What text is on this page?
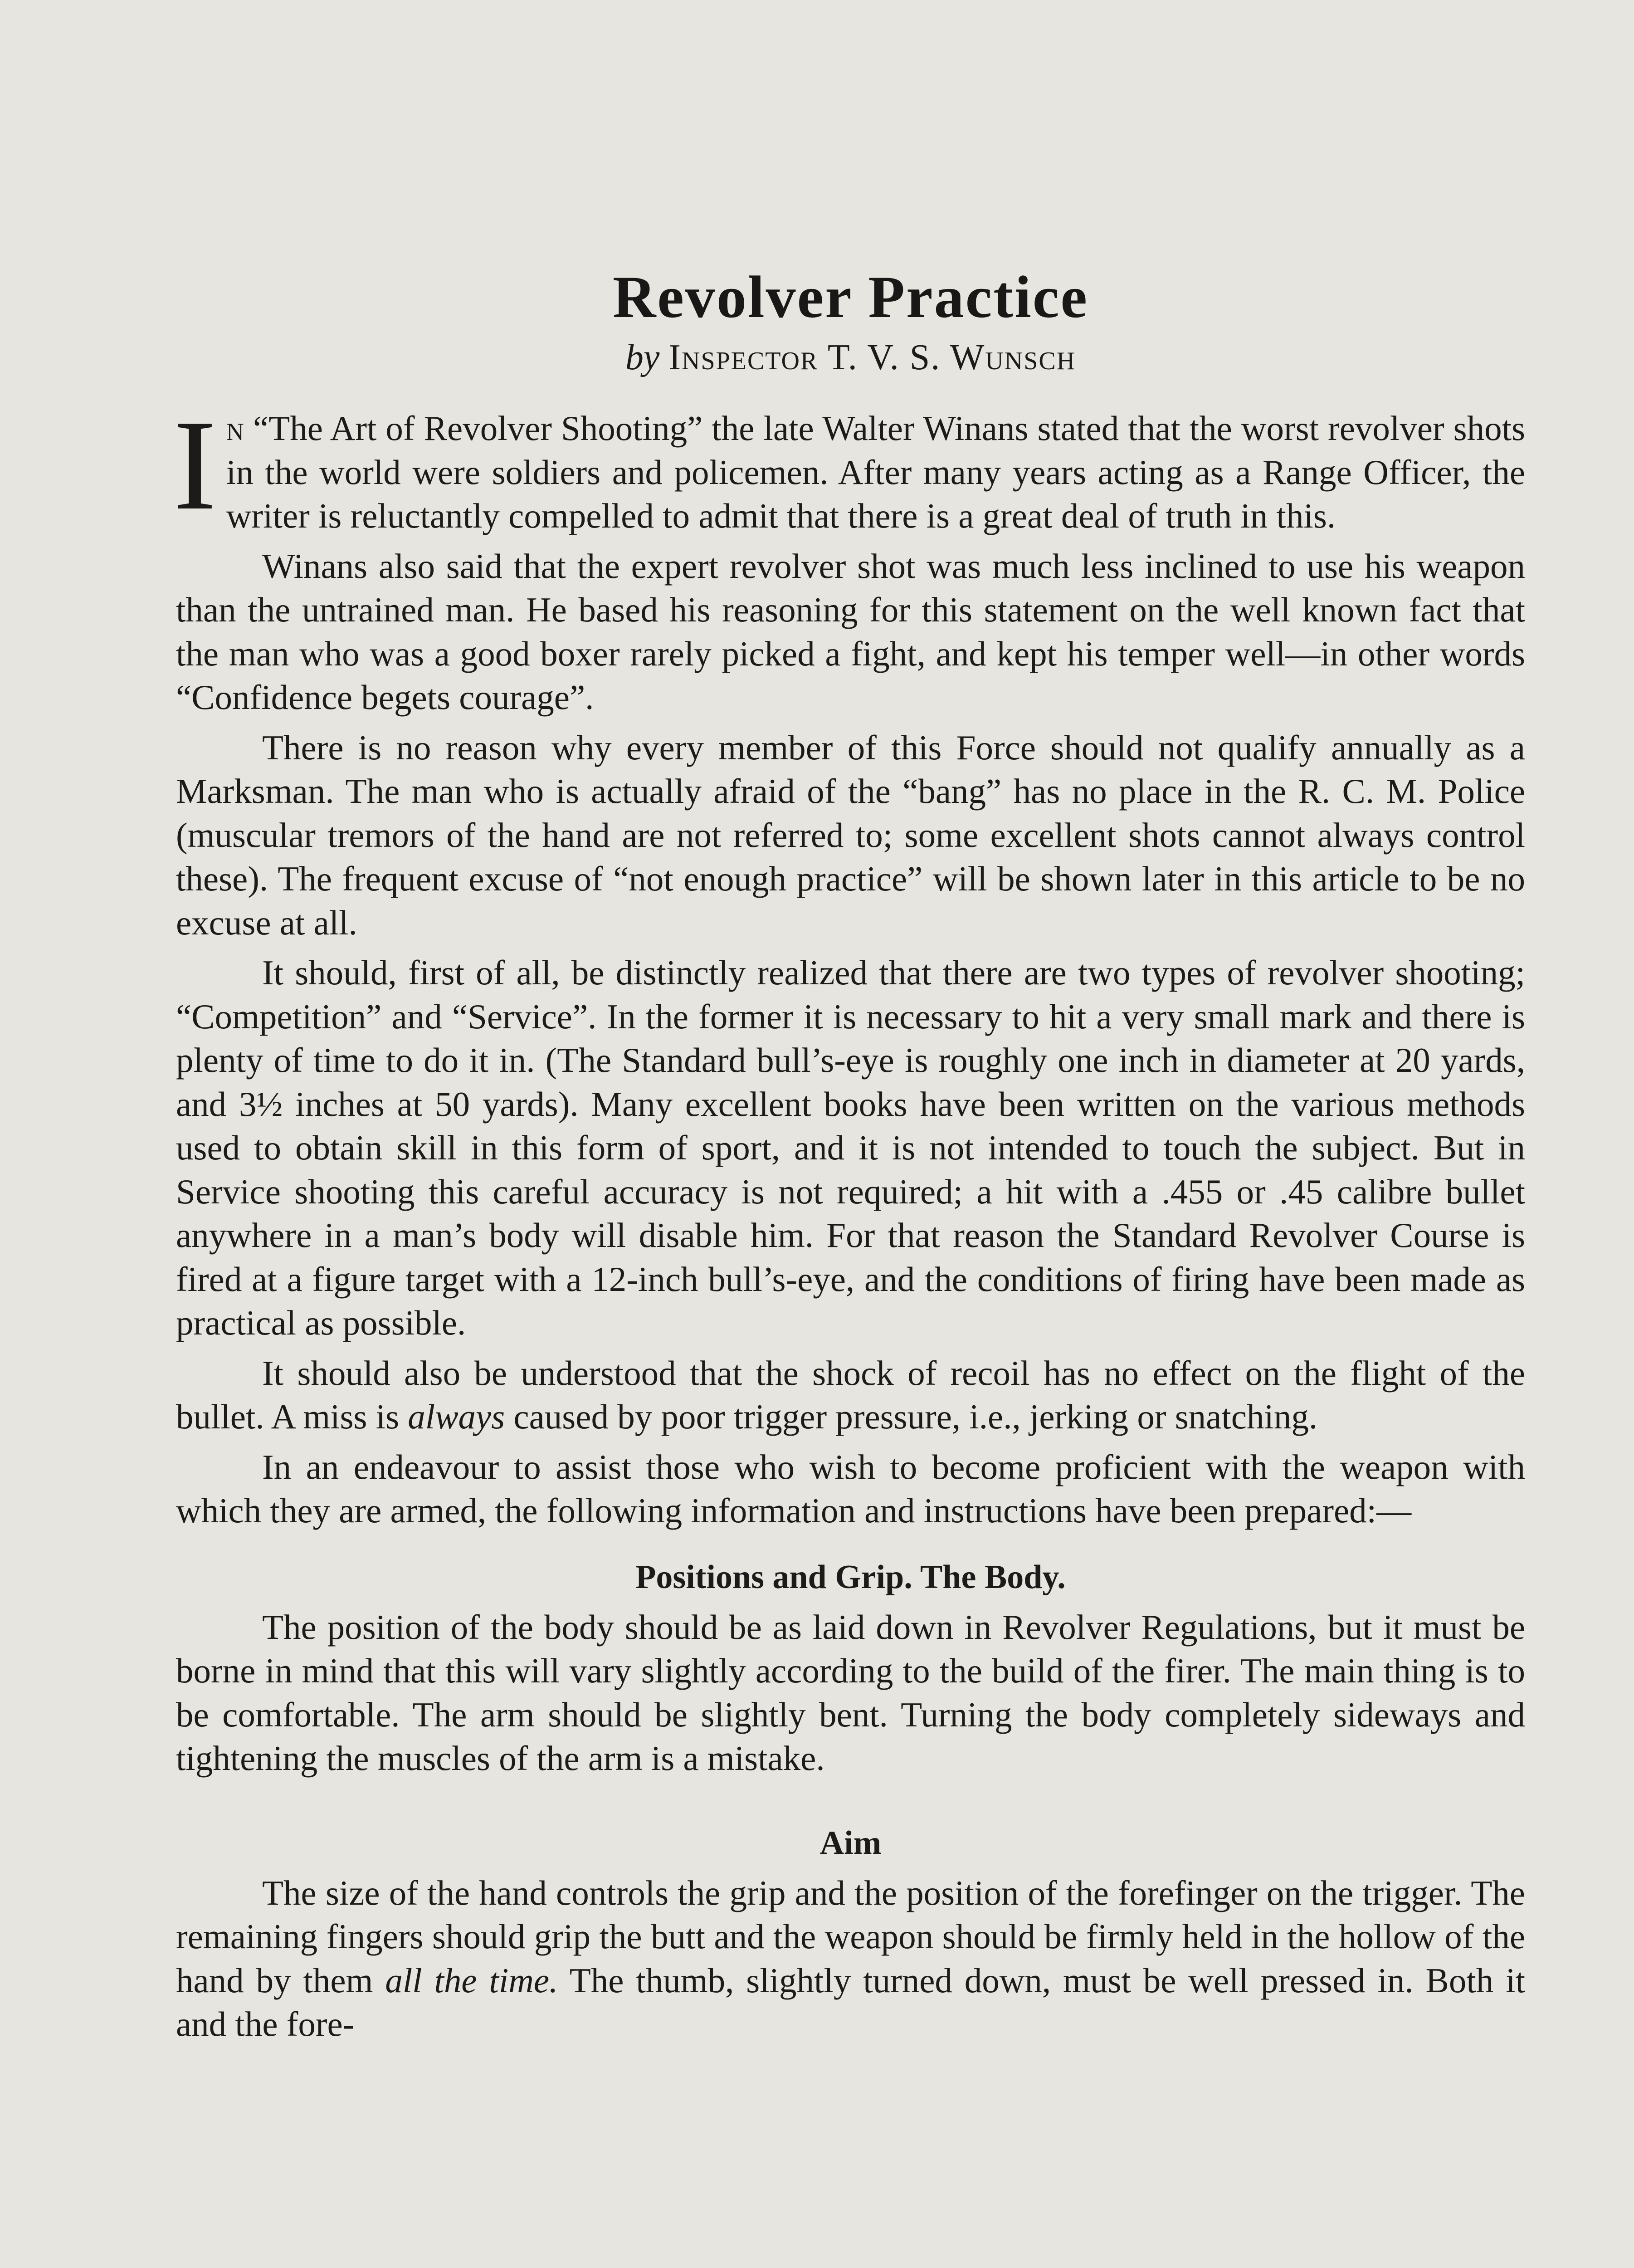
Revolver Practice
by Inspector T. V. S. Wunsch

In “The Art of Revolver Shooting” the late Walter Winans stated that the worst revolver shots in the world were soldiers and policemen. After many years acting as a Range Officer, the writer is reluctantly compelled to admit that there is a great deal of truth in this.

Winans also said that the expert revolver shot was much less inclined to use his weapon than the untrained man. He based his reasoning for this statement on the well known fact that the man who was a good boxer rarely picked a fight, and kept his temper well—in other words “Confidence begets courage”.

There is no reason why every member of this Force should not qualify annually as a Marksman. The man who is actually afraid of the “bang” has no place in the R. C. M. Police (muscular tremors of the hand are not referred to; some excellent shots cannot always control these). The frequent excuse of “not enough practice” will be shown later in this article to be no excuse at all.

It should, first of all, be distinctly realized that there are two types of revolver shooting; “Competition” and “Service”. In the former it is necessary to hit a very small mark and there is plenty of time to do it in. (The Standard bull’s-eye is roughly one inch in diameter at 20 yards, and 3½ inches at 50 yards). Many excellent books have been written on the various methods used to obtain skill in this form of sport, and it is not intended to touch the subject. But in Service shooting this careful accuracy is not required; a hit with a .455 or .45 calibre bullet anywhere in a man’s body will disable him. For that reason the Standard Revolver Course is fired at a figure target with a 12-inch bull’s-eye, and the conditions of firing have been made as practical as possible.

It should also be understood that the shock of recoil has no effect on the flight of the bullet. A miss is always caused by poor trigger pressure, i.e., jerking or snatching.

In an endeavour to assist those who wish to become proficient with the weapon with which they are armed, the following information and instructions have been prepared:—

Positions and Grip. The Body.

The position of the body should be as laid down in Revolver Regulations, but it must be borne in mind that this will vary slightly according to the build of the firer. The main thing is to be comfortable. The arm should be slightly bent. Turning the body completely sideways and tightening the muscles of the arm is a mistake.

Aim

The size of the hand controls the grip and the position of the forefinger on the trigger. The remaining fingers should grip the butt and the weapon should be firmly held in the hollow of the hand by them all the time. The thumb, slightly turned down, must be well pressed in. Both it and the fore-
